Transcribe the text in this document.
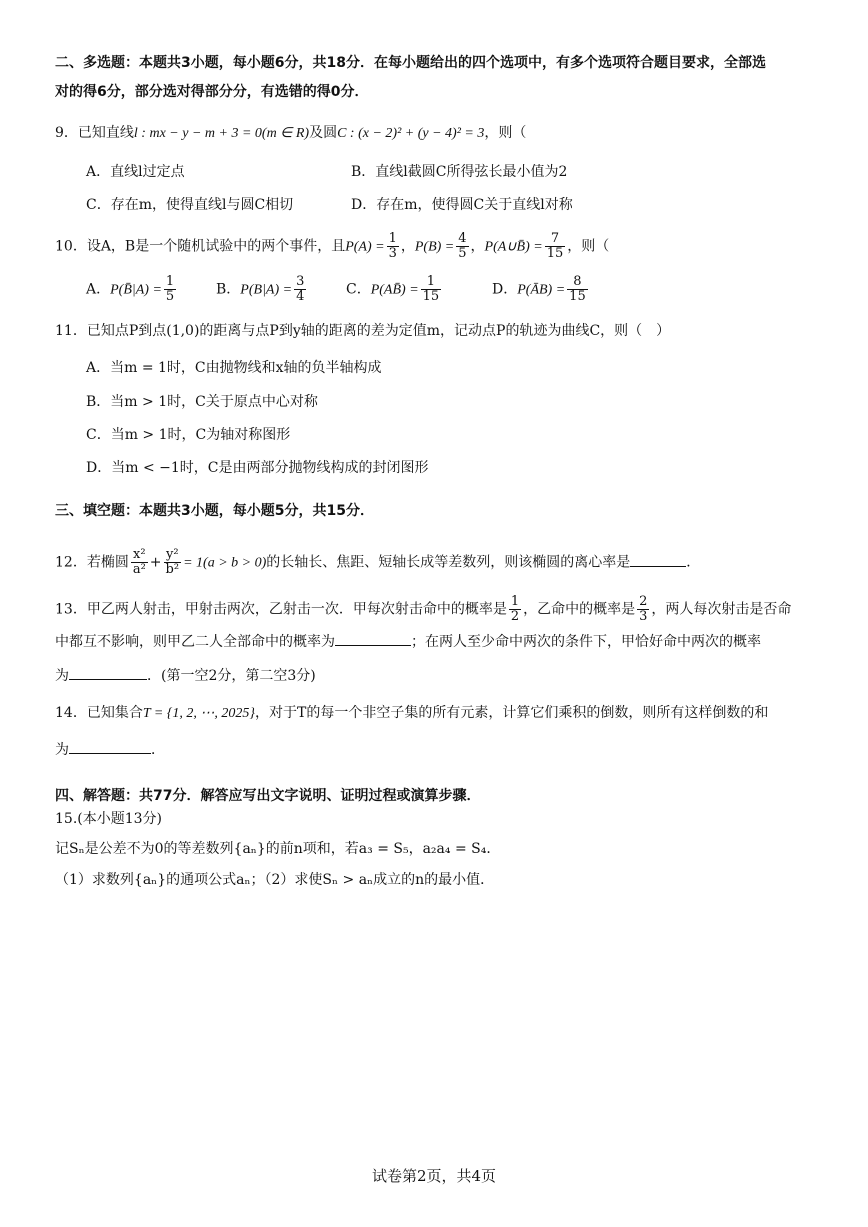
二、多选题：本题共3小题，每小题6分，共18分．在每小题给出的四个选项中，有多个选项符合题目要求，全部选
对的得6分，部分选对得部分分，有选错的得0分．
9．已知直线l : mx − y − m + 3 = 0(m ∈ R)及圆C : (x − 2)² + (y − 4)² = 3，则（
A．直线l过定点	B．直线l截圆C所得弦长最小值为2
C．存在m，使得直线l与圆C相切	D．存在m，使得圆C关于直线l对称
10．设A，B是一个随机试验中的两个事件，且$P(A) = \frac{1}{3}$ ，$P(B) = \frac{4}{5}$ ，P(A∪B̄) = $\frac{7}{15}$ ，则（
A．P(B̄|A) = $\frac{1}{5}$	B．$P(B|A) = \frac{3}{4}$	C．P(AB̄) = $\frac{1}{15}$	D．P(ĀB) = $\frac{8}{15}$
11．已知点P到点(1,0)的距离与点P到y轴的距离的差为定值m，记动点P的轨迹为曲线C，则（　）
A．当m = 1时，C由抛物线和x轴的负半轴构成
B．当m > 1时，C关于原点中心对称
C．当m > 1时，C为轴对称图形
D．当m < −1时，C是由两部分抛物线构成的封闭图形
三、填空题：本题共3小题，每小题5分，共15分．
12．若椭圆 $\frac{\text{x²}}{\text{a²}} + \frac{\text{y²}}{\text{b²}} = 1(a > b > 0)$的长轴长、焦距、短轴长成等差数列，则该椭圆的离心率是	．
13．甲乙两人射击，甲射击两次，乙射击一次．甲每次射击命中的概率是 $\frac{1}{2}$ ，乙命中的概率是 $\frac{2}{3}$ ，两人每次射击是否命
中都互不影响，则甲乙二人全部命中的概率为	；在两人至少命中两次的条件下，甲恰好命中两次的概率
为	．(第一空2分，第二空3分)
14．已知集合T = {1, 2, ⋯, 2025}，对于T的每一个非空子集的所有元素，计算它们乘积的倒数，则所有这样倒数的和
为	．
四、解答题：共77分．解答应写出文字说明、证明过程或演算步骤．
15.(本小题13分)
记Sₙ是公差不为0的等差数列{aₙ}的前n项和，若a₃ = S₅，a₂a₄ = S₄．
（1）求数列{aₙ}的通项公式aₙ；（2）求使Sₙ > aₙ成立的n的最小值．
试卷第2页，共4页
